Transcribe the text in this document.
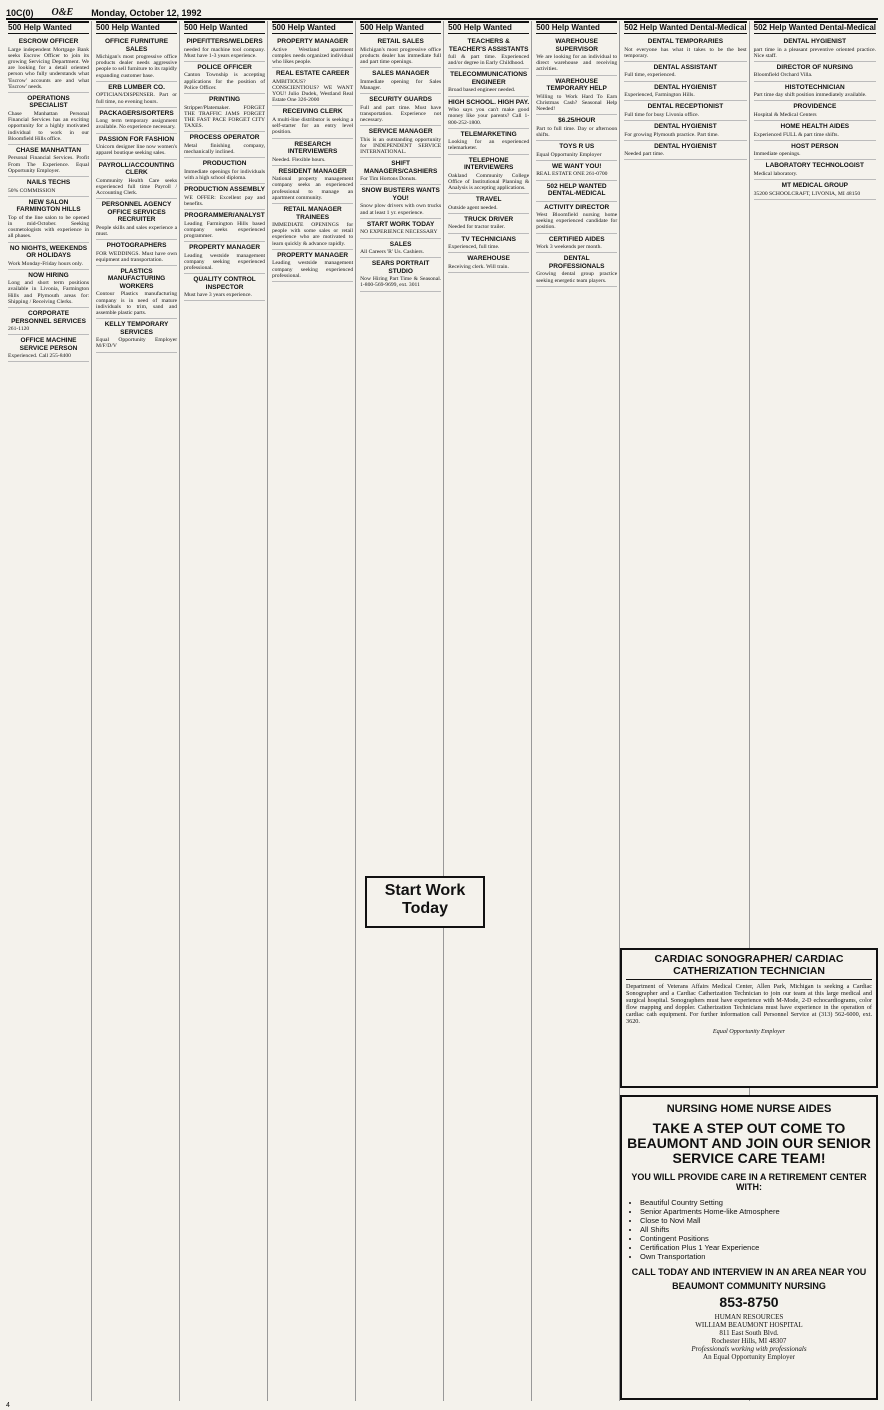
10C(0) O&E Monday, October 12, 1992
500 Help Wanted
ESCROW OFFICER

Large independent Mortgage Bank seeks Escrow Officer to join its growing Servicing Department. We are looking for a detail oriented person who fully understands what 'Escrow' accounts are and what 'Escrow' needs.

OPERATIONS SPECIALIST

Chase Manhattan Personal Financial Services has an exciting opportunity for a highly motivated individual to work in our Bloomfield Hills office.

CHASE MANHATTAN

Personal Financial Services. Profit From The Experience. Equal Opportunity Employer.

NAILS TECHS

50% COMMISSION

NEW SALON FARMINGTON HILLS

Top of the line salon to be opened in mid-October. Seeking cosmetologists with experience in all phases.

NO NIGHTS, WEEKENDS OR HOLIDAYS

Work Monday-Friday hours only.

NOW HIRING

Long and short term positions available in Livonia, Farmington Hills and Plymouth areas for: Shipping / Receiving Clerks.

CORPORATE PERSONNEL SERVICES

261-1120

OFFICE MACHINE SERVICE PERSON

Experienced. Call 255-8400

500 Help Wanted
OFFICE FURNITURE SALES

Michigan's most progressive office products dealer needs aggressive people to sell furniture to its rapidly expanding customer base.

ERB LUMBER CO.

OPTICIAN/DISPENSER. Part or full time, no evening hours.

PACKAGERS/SORTERS

Long term temporary assignment available. No experience necessary.

PASSION FOR FASHION

Unicorn designer line now women's apparel boutique seeking sales.

PAYROLL/ACCOUNTING CLERK

Community Health Care seeks experienced full time Payroll / Accounting Clerk.

PERSONNEL AGENCY OFFICE SERVICES RECRUITER

People skills and sales experience a must.

PHOTOGRAPHERS

FOR WEDDINGS. Must have own equipment and transportation.

PLASTICS MANUFACTURING WORKERS

Contour Plastics manufacturing company is in need of mature individuals to trim, sand and assemble plastic parts.

KELLY TEMPORARY SERVICES

Equal Opportunity Employer M/F/D/V

500 Help Wanted
PIPEFITTERS/WELDERS

needed for machine tool company. Must have 1-3 years experience.

POLICE OFFICER

Canton Township is accepting applications for the position of Police Officer.

PRINTING

Stripper/Platemaker. FORGET THE TRAFFIC JAMS FORGET THE FAST PACE FORGET CITY TAXES.

PROCESS OPERATOR

Metal finishing company, mechanically inclined.

PRODUCTION

Immediate openings for individuals with a high school diploma.

PRODUCTION ASSEMBLY

WE OFFER: Excellent pay and benefits.

PROGRAMMER/ANALYST

Leading Farmington Hills based company seeks experienced programmer.

PROPERTY MANAGER

Leading westside management company seeking experienced professional.

QUALITY CONTROL INSPECTOR

Must have 3 years experience.

500 Help Wanted
PROPERTY MANAGER

Active Westland apartment complex needs organized individual who likes people.

REAL ESTATE CAREER

AMBITIOUS? CONSCIENTIOUS? WE WANT YOU! Julio Dudek, Westland Real Estate One 326-2000

RECEIVING CLERK

A multi-line distributor is seeking a self-starter for an entry level position.

RESEARCH INTERVIEWERS

Needed. Flexible hours.

RESIDENT MANAGER

National property management company seeks an experienced professional to manage an apartment community.

RETAIL MANAGER TRAINEES

IMMEDIATE OPENINGS for people with some sales or retail experience who are motivated to learn quickly & advance rapidly.

PROPERTY MANAGER

Leading westside management company seeking experienced professional.

500 Help Wanted
RETAIL SALES

Michigan's most progressive office products dealer has immediate full and part time openings.

SALES MANAGER

Immediate opening for Sales Manager.

SECURITY GUARDS

Full and part time. Must have transportation. Experience not necessary.

SERVICE MANAGER

This is an outstanding opportunity for INDEPENDENT SERVICE INTERNATIONAL.

SHIFT MANAGERS/CASHIERS

For Tim Hortons Donuts.

SNOW BUSTERS WANTS YOU!

Snow plow drivers with own trucks and at least 1 yr. experience.

START WORK TODAY

NO EXPERIENCE NECESSARY

SALES

All Careers 'R' Us. Cashiers.

SEARS PORTRAIT STUDIO

Now Hiring Part Time & Seasonal. 1-800-569-9699, ext. 3011

500 Help Wanted
TEACHERS & TEACHER'S ASSISTANTS

full & part time. Experienced and/or degree in Early Childhood.

TELECOMMUNICATIONS ENGINEER

Broad based engineer needed.

HIGH SCHOOL. HIGH PAY.

Who says you can't make good money like your parents? Call 1-800-252-1800.

TELEMARKETING

Looking for an experienced telemarketer.

TELEPHONE INTERVIEWERS

Oakland Community College Office of Institutional Planning & Analysis is accepting applications.

TRAVEL

Outside agent needed.

TRUCK DRIVER

Needed for tractor trailer.

TV TECHNICIANS

Experienced, full time.

WAREHOUSE

Receiving clerk. Will train.

500 Help Wanted
WAREHOUSE SUPERVISOR

We are looking for an individual to direct warehouse and receiving activities.

WAREHOUSE TEMPORARY HELP

Willing to Work Hard To Earn Christmas Cash? Seasonal Help Needed!

$6.25/HOUR

Part to full time. Day or afternoon shifts.

TOYS R US

Equal Opportunity Employer

WE WANT YOU!

REAL ESTATE ONE 261-0700

502 HELP WANTED DENTAL-MEDICAL

ACTIVITY DIRECTOR

West Bloomfield nursing home seeking experienced candidate for position.

CERTIFIED AIDES

Work 3 weekends per month.

DENTAL PROFESSIONALS

Growing dental group practice seeking energetic team players.

502 Help Wanted Dental-Medical
DENTAL TEMPORARIES

Not everyone has what it takes to be the best temporary.

DENTAL ASSISTANT

Full time, experienced.

DENTAL HYGIENIST

Experienced, Farmington Hills.

DENTAL RECEPTIONIST

Full time for busy Livonia office.

DENTAL HYGIENIST

For growing Plymouth practice. Part time.

DENTAL HYGIENIST

Needed part time.

502 Help Wanted Dental-Medical
DENTAL HYGIENIST

part time in a pleasant preventive oriented practice. Nice staff.

DIRECTOR OF NURSING

Bloomfield Orchard Villa.

HISTOTECHNICIAN

Part time day shift position immediately available.

PROVIDENCE

Hospital & Medical Centers

HOME HEALTH AIDES

Experienced FULL & part time shifts.

HOST PERSON

Immediate openings.

LABORATORY TECHNOLOGIST

Medical laboratory.

MT MEDICAL GROUP

35200 SCHOOLCRAFT, LIVONIA, MI 48150

Start Work
Today
CARDIAC SONOGRAPHER/ CARDIAC CATHERIZATION TECHNICIAN

Department of Veterans Affairs Medical Center, Allen Park, Michigan is seeking a Cardiac Sonographer and a Cardiac Catherization Technician to join our team at this large medical and surgical hospital. Sonographers must have experience with M-Mode, 2-D echocardiograms, color flow mapping and doppler. Catherization Technicians must have experience in the operation of cardiac cath equipment. For further information call Personnel Service at (313) 562-6000, ext. 3620.

Equal Opportunity Employer

NURSING HOME NURSE AIDES
TAKE A STEP OUT COME TO BEAUMONT AND JOIN OUR SENIOR SERVICE CARE TEAM!
YOU WILL PROVIDE CARE IN A RETIREMENT CENTER WITH:
• Beautiful Country Setting
• Senior Apartments Home-like Atmosphere
• Close to Novi Mall
• All Shifts
• Contingent Positions
• Certification Plus 1 Year Experience
• Own Transportation
CALL TODAY AND INTERVIEW IN AN AREA NEAR YOU
BEAUMONT COMMUNITY NURSING
853-8750
HUMAN RESOURCES
WILLIAM BEAUMONT HOSPITAL
811 East South Blvd.
Rochester Hills, MI 48307
Professionals working with professionals
An Equal Opportunity Employer
4
